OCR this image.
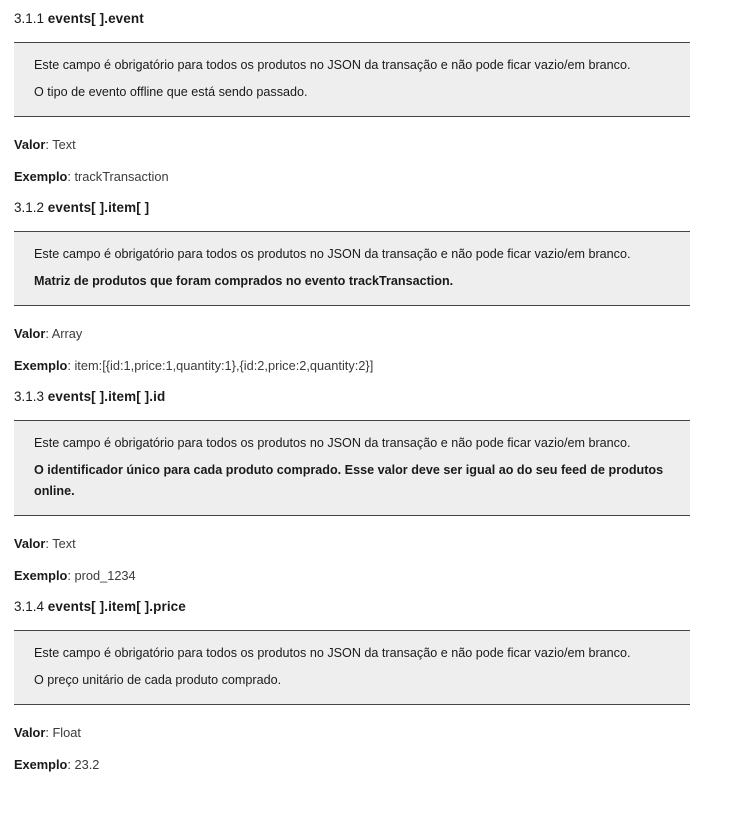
3.1.1 events[ ].event

Este campo é obrigatório para todos os produtos no JSON da transação e não pode ficar vazio/em branco.

O tipo de evento offline que está sendo passado.

Valor: Text
Exemplo: trackTransaction
3.1.2 events[ ].item[ ]

Este campo é obrigatório para todos os produtos no JSON da transação e não pode ficar vazio/em branco.

Matriz de produtos que foram comprados no evento trackTransaction.

Valor: Array
Exemplo: item:[{id:1,price:1,quantity:1},{id:2,price:2,quantity:2}]
3.1.3 events[ ].item[ ].id

Este campo é obrigatório para todos os produtos no JSON da transação e não pode ficar vazio/em branco.

O identificador único para cada produto comprado. Esse valor deve ser igual ao do seu feed de produtos online.

Valor: Text
Exemplo: prod_1234
3.1.4 events[ ].item[ ].price

Este campo é obrigatório para todos os produtos no JSON da transação e não pode ficar vazio/em branco.

O preço unitário de cada produto comprado.

Valor: Float
Exemplo: 23.2
